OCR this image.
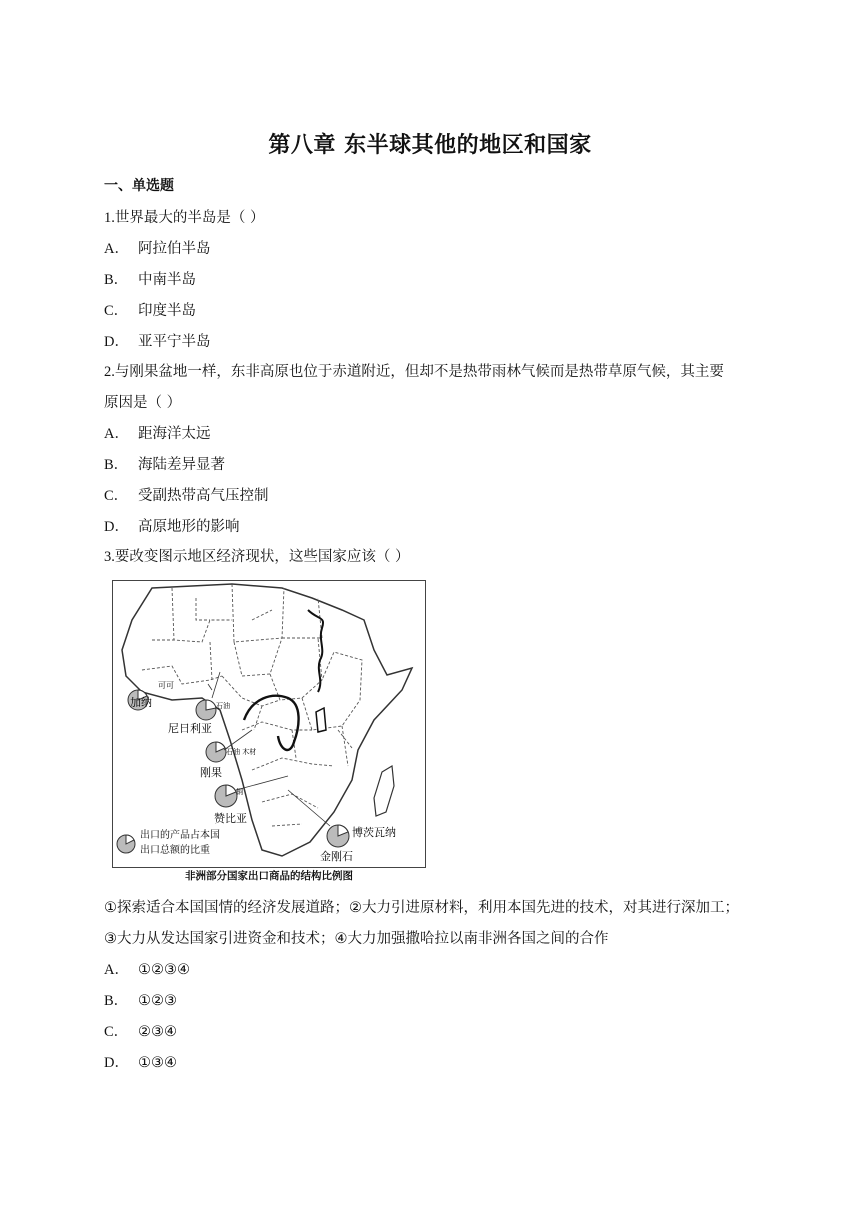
第八章 东半球其他的地区和国家
一、单选题
1.世界最大的半岛是（ ）
A． 阿拉伯半岛
B． 中南半岛
C． 印度半岛
D． 亚平宁半岛
2.与刚果盆地一样，东非高原也位于赤道附近，但却不是热带雨林气候而是热带草原气候，其主要
原因是（ ）
A． 距海洋太远
B． 海陆差异显著
C． 受副热带高气压控制
D． 高原地形的影响
3.要改变图示地区经济现状，这些国家应该（ ）
加纳
可可
尼日利亚
石油
石油 木材
刚果
铜
赞比亚
博茨瓦纳
金刚石
出口的产品占本国
出口总额的比重
非洲部分国家出口商品的结构比例图
①探索适合本国国情的经济发展道路；②大力引进原材料，利用本国先进的技术，对其进行深加工；
③大力从发达国家引进资金和技术；④大力加强撒哈拉以南非洲各国之间的合作
A． ①②③④
B． ①②③
C． ②③④
D． ①③④
